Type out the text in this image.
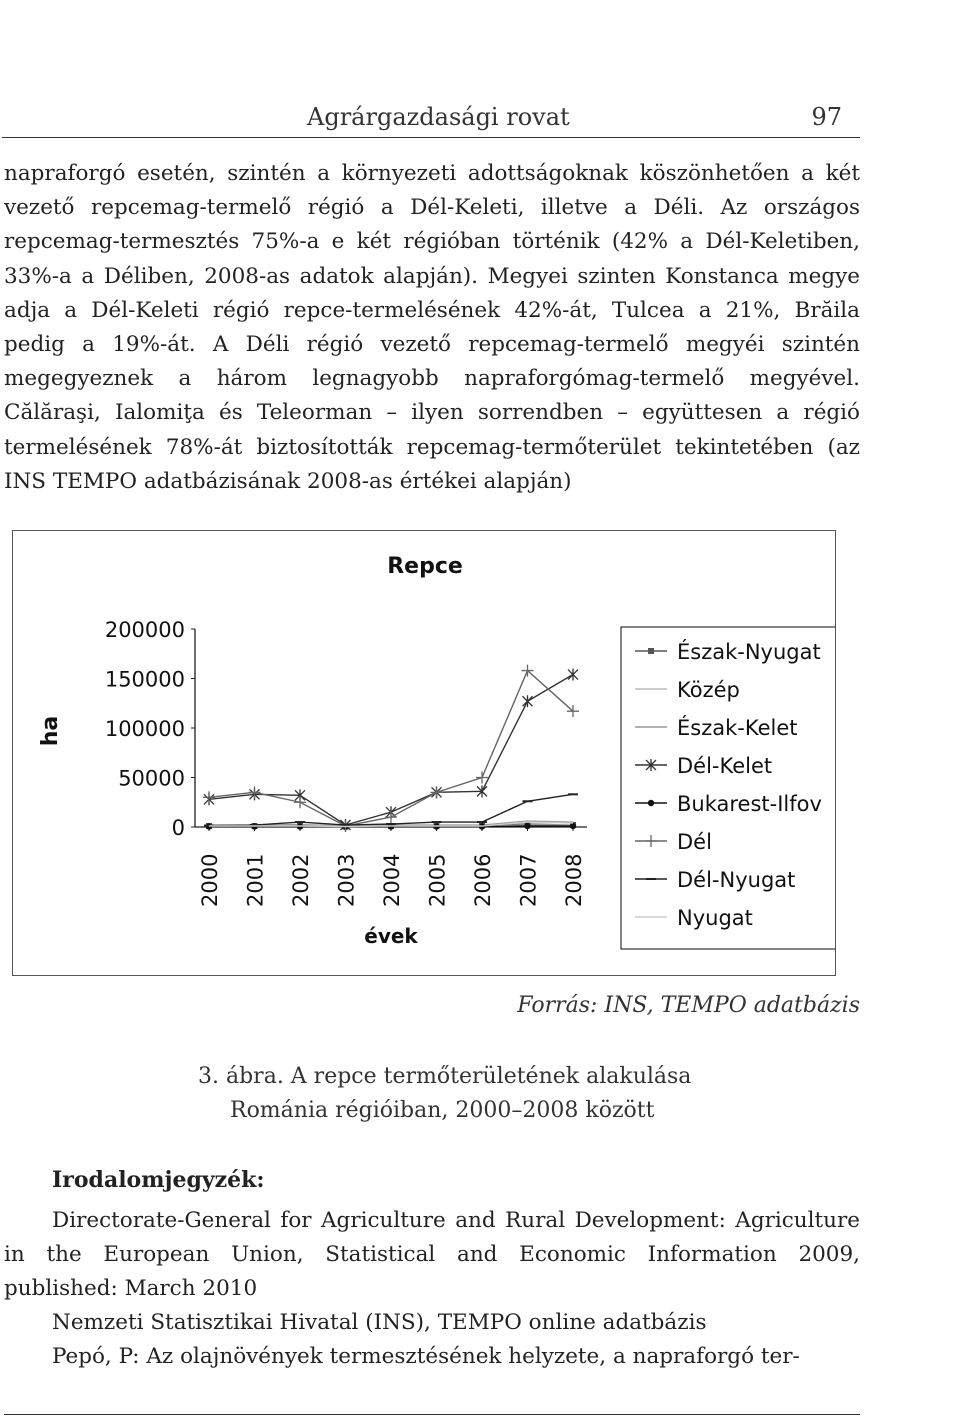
Agrárgazdasági rovat	97

napraforgó esetén, szintén a környezeti adottságoknak köszönhetően a két vezető repcemag-termelő régió a Dél-Keleti, illetve a Déli. Az országos repcemag-termesztés 75%-a e két régióban történik (42% a Dél-Keletiben, 33%-a a Déliben, 2008-as adatok alapján). Megyei szinten Konstanca megye adja a Dél-Keleti régió repce-termelésének 42%-át, Tulcea a 21%, Brăila pedig a 19%-át. A Déli régió vezető repcemag-termelő megyéi szintén megegyeznek a három legnagyobb napraforgómag-termelő megyével. Călăraşi, Ialomiţa és Teleorman – ilyen sorrendben – együttesen a régió termelésének 78%-át biztosították repcemag-termőterület tekintetében (az INS TEMPO adatbázisának 2008-as értékei alapján)

Repce
ha
évek
0
50000
100000
150000
200000
2000 2001 2002 2003 2004 2005 2006 2007 2008
Észak-Nyugat
Közép
Észak-Kelet
Dél-Kelet
Bukarest-Ilfov
Dél
Dél-Nyugat
Nyugat
Forrás: INS, TEMPO adatbázis
3. ábra. A repce termőterületének alakulása
Románia régióiban, 2000–2008 között
Irodalomjegyzék:

Directorate-General for Agriculture and Rural Development: Agriculture in the European Union, Statistical and Economic Information 2009, published: March 2010

Nemzeti Statisztikai Hivatal (INS), TEMPO online adatbázis

Pepó, P: Az olajnövények termesztésének helyzete, a napraforgó ter-
